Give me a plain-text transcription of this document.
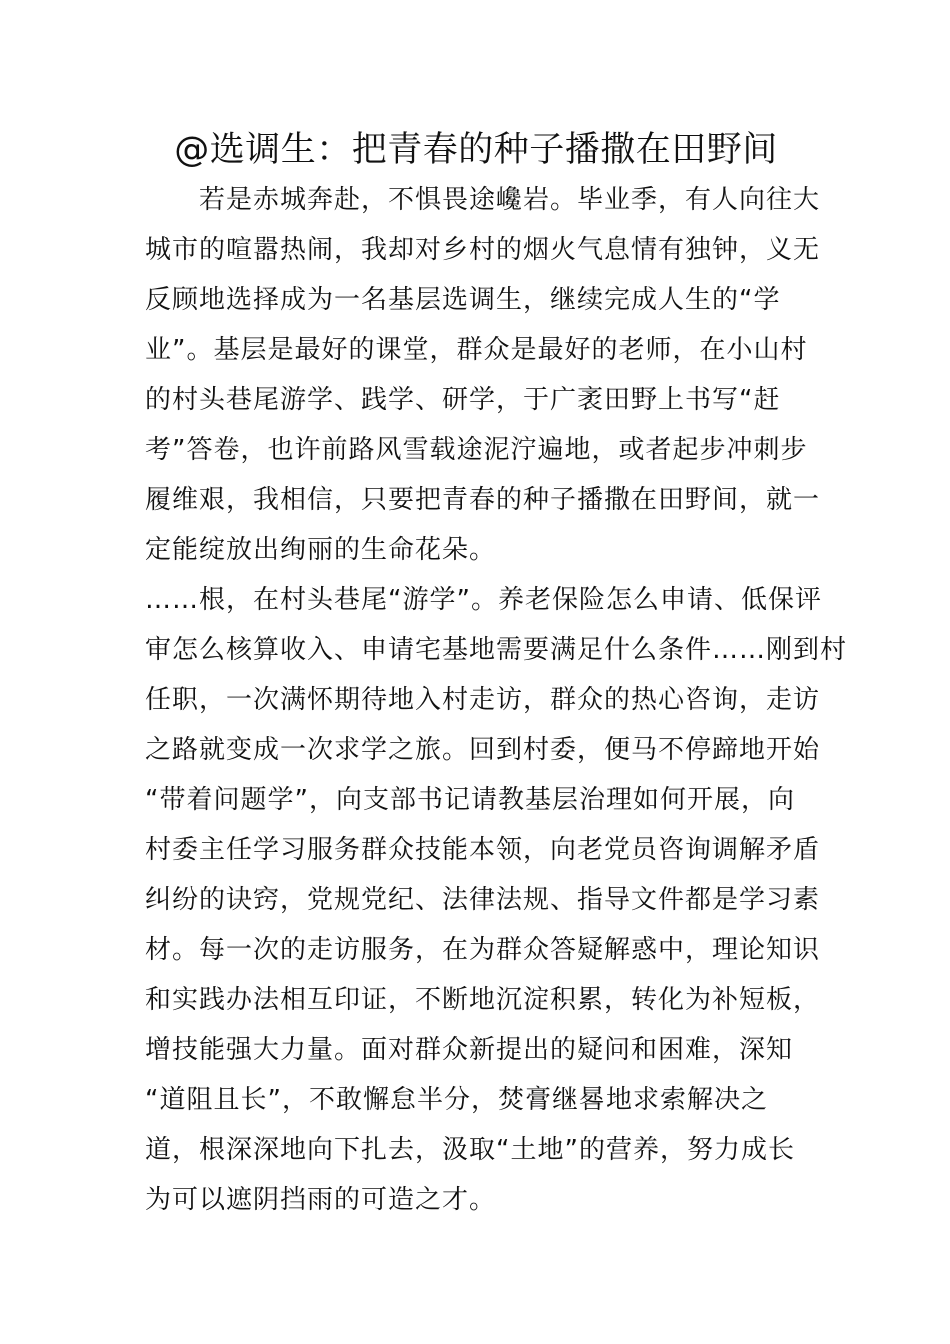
@选调生：把青春的种子播撒在田野间
　　若是赤城奔赴，不惧畏途巉岩。毕业季，有人向往大
城市的喧嚣热闹，我却对乡村的烟火气息情有独钟，义无
反顾地选择成为一名基层选调生，继续完成人生的“学
业”。基层是最好的课堂，群众是最好的老师，在小山村
的村头巷尾游学、践学、研学，于广袤田野上书写“赶
考”答卷，也许前路风雪载途泥泞遍地，或者起步冲刺步
履维艰，我相信，只要把青春的种子播撒在田野间，就一
定能绽放出绚丽的生命花朵。
……根，在村头巷尾“游学”。养老保险怎么申请、低保评
审怎么核算收入、申请宅基地需要满足什么条件……刚到村
任职，一次满怀期待地入村走访，群众的热心咨询，走访
之路就变成一次求学之旅。回到村委，便马不停蹄地开始
“带着问题学”，向支部书记请教基层治理如何开展，向
村委主任学习服务群众技能本领，向老党员咨询调解矛盾
纠纷的诀窍，党规党纪、法律法规、指导文件都是学习素
材。每一次的走访服务，在为群众答疑解惑中，理论知识
和实践办法相互印证，不断地沉淀积累，转化为补短板，
增技能强大力量。面对群众新提出的疑问和困难，深知
“道阻且长”，不敢懈怠半分，焚膏继晷地求索解决之
道，根深深地向下扎去，汲取“土地”的营养，努力成长
为可以遮阴挡雨的可造之才。
